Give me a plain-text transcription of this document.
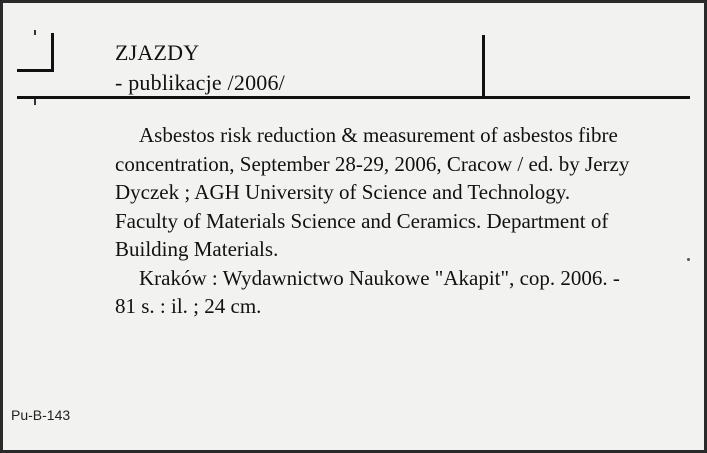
ZJAZDY
- publikacje /2006/

Asbestos risk reduction & measurement of asbestos fibre concentration, September 28-29, 2006, Cracow / ed. by Jerzy Dyczek ; AGH University of Science and Technology. Faculty of Materials Science and Ceramics. Department of Building Materials.

Kraków : Wydawnictwo Naukowe "Akapit", cop. 2006. - 81 s. : il. ; 24 cm.

Pu-B-143
